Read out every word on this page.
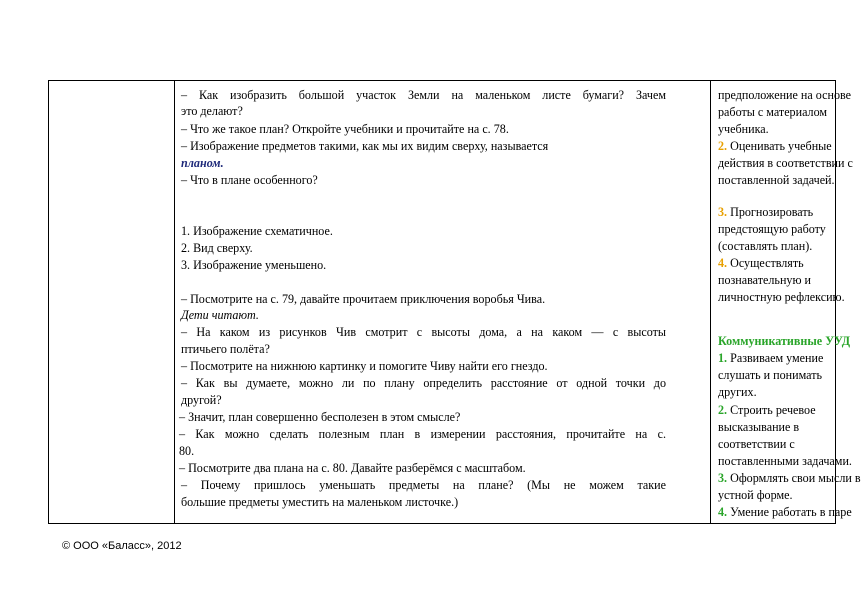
– Как изобразить большой участок Земли на маленьком листе бумаги? Зачем
это делают?
– Что же такое план? Откройте учебники и прочитайте на с. 78.
– Изображение предметов такими, как мы их видим сверху, называется
планом.
– Что в плане особенного?
1. Изображение схематичное.
2. Вид сверху.
3. Изображение уменьшено.
– Посмотрите на с. 79, давайте прочитаем приключения воробья Чива.
Дети читают.
– На каком из рисунков Чив смотрит с высоты дома, а на каком — с высоты
птичьего полёта?
– Посмотрите на нижнюю картинку и помогите Чиву найти его гнездо.
– Как вы думаете, можно ли по плану определить расстояние от одной точки до
другой?
– Значит, план совершенно бесполезен в этом смысле?
– Как можно сделать полезным план в измерении расстояния, прочитайте на с.
80.
– Посмотрите два плана на с. 80. Давайте разберёмся с масштабом.
– Почему пришлось уменьшать предметы на плане? (Мы не можем такие
большие предметы уместить на маленьком листочке.)
предположение на основе
работы с материалом
учебника.
2. Оценивать учебные
действия в соответствии с
поставленной задачей.
3. Прогнозировать
предстоящую работу
(составлять план).
4. Осуществлять
познавательную и
личностную рефлексию.
Коммуникативные УУД
1. Развиваем умение
слушать и понимать
других.
2. Строить речевое
высказывание в
соответствии с
поставленными задачами.
3. Оформлять свои мысли в
устной форме.
4. Умение работать в паре
© ООО «Баласс», 2012
